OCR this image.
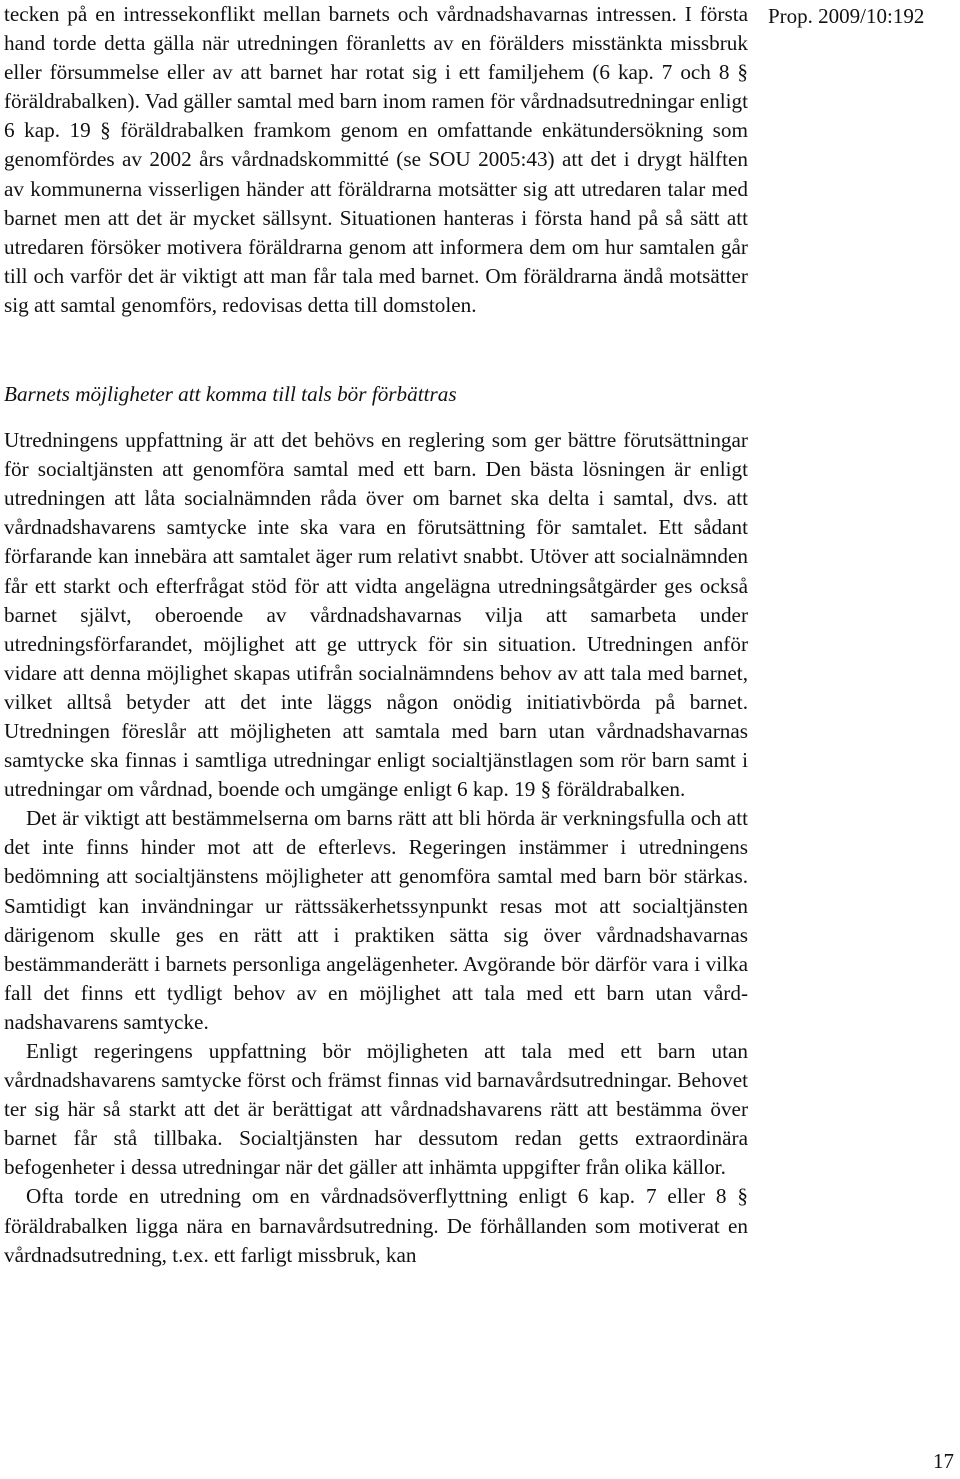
Prop. 2009/10:192

tecken på en intressekonflikt mellan barnets och vårdnadshavarnas intressen. I första hand torde detta gälla när utredningen föranletts av en förälders misstänkta missbruk eller försummelse eller av att barnet har rotat sig i ett familjehem (6 kap. 7 och 8 § föräldrabalken). Vad gäller samtal med barn inom ramen för vårdnadsutredningar enligt 6 kap. 19 § föräldrabalken framkom genom en omfattande enkätundersökning som genomfördes av 2002 års vårdnadskommitté (se SOU 2005:43) att det i drygt hälften av kommunerna visserligen händer att föräldrarna motsätter sig att utredaren talar med barnet men att det är mycket sällsynt. Situationen hanteras i första hand på så sätt att utredaren försöker motivera föräldrarna genom att informera dem om hur samtalen går till och varför det är viktigt att man får tala med barnet. Om föräldrarna ändå motsätter sig att samtal genomförs, redovisas detta till domstolen.

Barnets möjligheter att komma till tals bör förbättras

Utredningens uppfattning är att det behövs en reglering som ger bättre förutsättningar för socialtjänsten att genomföra samtal med ett barn. Den bästa lösningen är enligt utredningen att låta socialnämnden råda över om barnet ska delta i samtal, dvs. att vårdnadshavarens samtycke inte ska vara en förutsättning för samtalet. Ett sådant förfarande kan innebära att samtalet äger rum relativt snabbt. Utöver att socialnämnden får ett starkt och efterfrågat stöd för att vidta angelägna utredningsåtgärder ges också barnet självt, oberoende av vårdnadshavarnas vilja att samarbeta under utredningsförfarandet, möjlighet att ge uttryck för sin situation. Utredningen anför vidare att denna möjlighet skapas utifrån socialnämndens behov av att tala med barnet, vilket alltså betyder att det inte läggs någon onödig initiativbörda på barnet. Utredningen föreslår att möjligheten att samtala med barn utan vårdnadshavarnas samtycke ska finnas i samtliga utredningar enligt socialtjänstlagen som rör barn samt i utredningar om vårdnad, boende och umgänge enligt 6 kap. 19 § föräldrabalken.

Det är viktigt att bestämmelserna om barns rätt att bli hörda är verkningsfulla och att det inte finns hinder mot att de efterlevs. Regeringen instämmer i utredningens bedömning att socialtjänstens möjligheter att genomföra samtal med barn bör stärkas. Samtidigt kan invändningar ur rättssäkerhetssynpunkt resas mot att socialtjänsten därigenom skulle ges en rätt att i praktiken sätta sig över vårdnadshavarnas bestämmanderätt i barnets personliga angelägenheter. Avgörande bör därför vara i vilka fall det finns ett tydligt behov av en möjlighet att tala med ett barn utan vårdnadshavarens samtycke.

Enligt regeringens uppfattning bör möjligheten att tala med ett barn utan vårdnadshavarens samtycke först och främst finnas vid barnavårdsutredningar. Behovet ter sig här så starkt att det är berättigat att vårdnadshavarens rätt att bestämma över barnet får stå tillbaka. Socialtjänsten har dessutom redan getts extraordinära befogenheter i dessa utredningar när det gäller att inhämta uppgifter från olika källor.

Ofta torde en utredning om en vårdnadsöverflyttning enligt 6 kap. 7 eller 8 § föräldrabalken ligga nära en barnavårdsutredning. De förhållanden som motiverat en vårdnadsutredning, t.ex. ett farligt missbruk, kan

17
